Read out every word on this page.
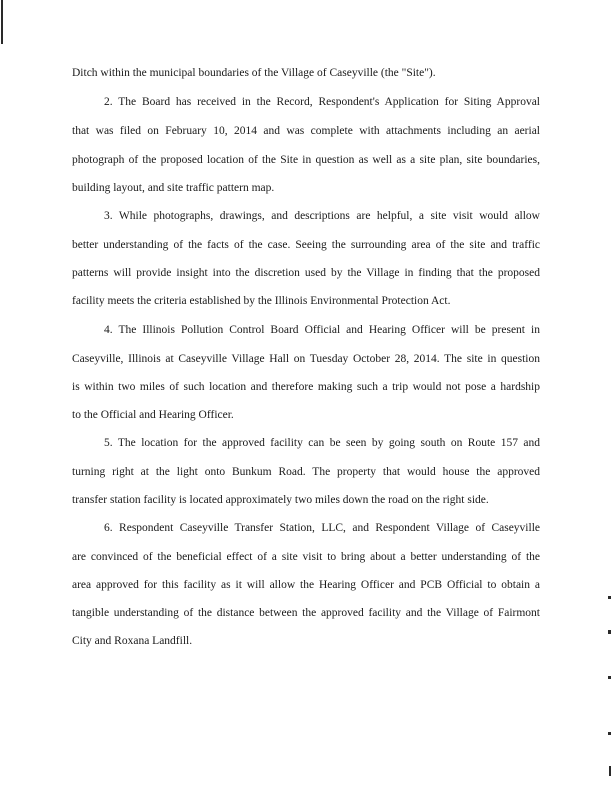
Ditch within the municipal boundaries of the Village of Caseyville (the "Site").
2. The Board has received in the Record, Respondent's Application for Siting Approval
that was filed on February 10, 2014 and was complete with attachments including an aerial
photograph of the proposed location of the Site in question as well as a site plan, site boundaries,
building layout, and site traffic pattern map.
3. While photographs, drawings, and descriptions are helpful, a site visit would allow
better understanding of the facts of the case. Seeing the surrounding area of the site and traffic
patterns will provide insight into the discretion used by the Village in finding that the proposed
facility meets the criteria established by the Illinois Environmental Protection Act.
4. The Illinois Pollution Control Board Official and Hearing Officer will be present in
Caseyville, Illinois at Caseyville Village Hall on Tuesday October 28, 2014. The site in question
is within two miles of such location and therefore making such a trip would not pose a hardship
to the Official and Hearing Officer.
5. The location for the approved facility can be seen by going south on Route 157 and
turning right at the light onto Bunkum Road. The property that would house the approved
transfer station facility is located approximately two miles down the road on the right side.
6. Respondent Caseyville Transfer Station, LLC, and Respondent Village of Caseyville
are convinced of the beneficial effect of a site visit to bring about a better understanding of the
area approved for this facility as it will allow the Hearing Officer and PCB Official to obtain a
tangible understanding of the distance between the approved facility and the Village of Fairmont
City and Roxana Landfill.
